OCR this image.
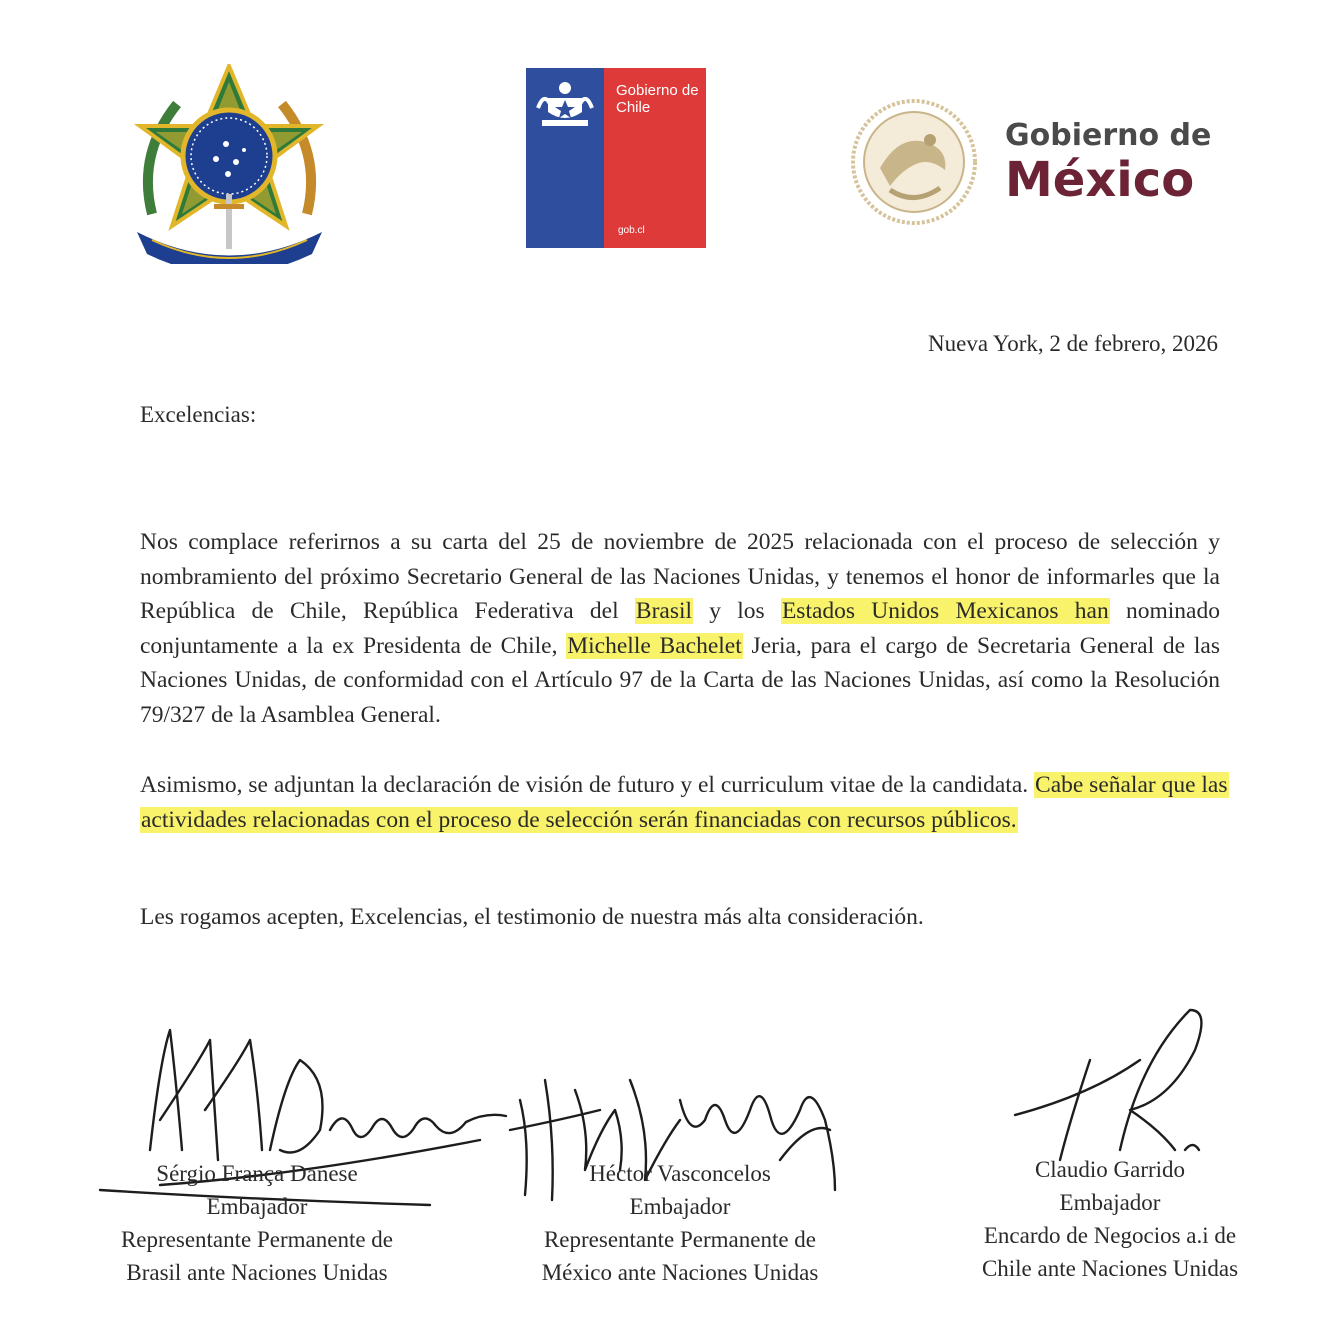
Gobierno de Chile
gob.cl
Gobierno de
México
Nueva York, 2 de febrero, 2026
Excelencias:
Nos complace referirnos a su carta del 25 de noviembre de 2025 relacionada con el proceso de selección y nombramiento del próximo Secretario General de las Naciones Unidas, y tenemos el honor de informarles que la República de Chile, República Federativa del Brasil y los Estados Unidos Mexicanos han nominado conjuntamente a la ex Presidenta de Chile, Michelle Bachelet Jeria, para el cargo de Secretaria General de las Naciones Unidas, de conformidad con el Artículo 97 de la Carta de las Naciones Unidas, así como la Resolución 79/327 de la Asamblea General.
Asimismo, se adjuntan la declaración de visión de futuro y el curriculum vitae de la candidata. Cabe señalar que las actividades relacionadas con el proceso de selección serán financiadas con recursos públicos.
Les rogamos acepten, Excelencias, el testimonio de nuestra más alta consideración.
Sérgio França Danese
Embajador
Representante Permanente de
Brasil ante Naciones Unidas
Héctor Vasconcelos
Embajador
Representante Permanente de
México ante Naciones Unidas
Claudio Garrido
Embajador
Encardo de Negocios a.i de
Chile ante Naciones Unidas
